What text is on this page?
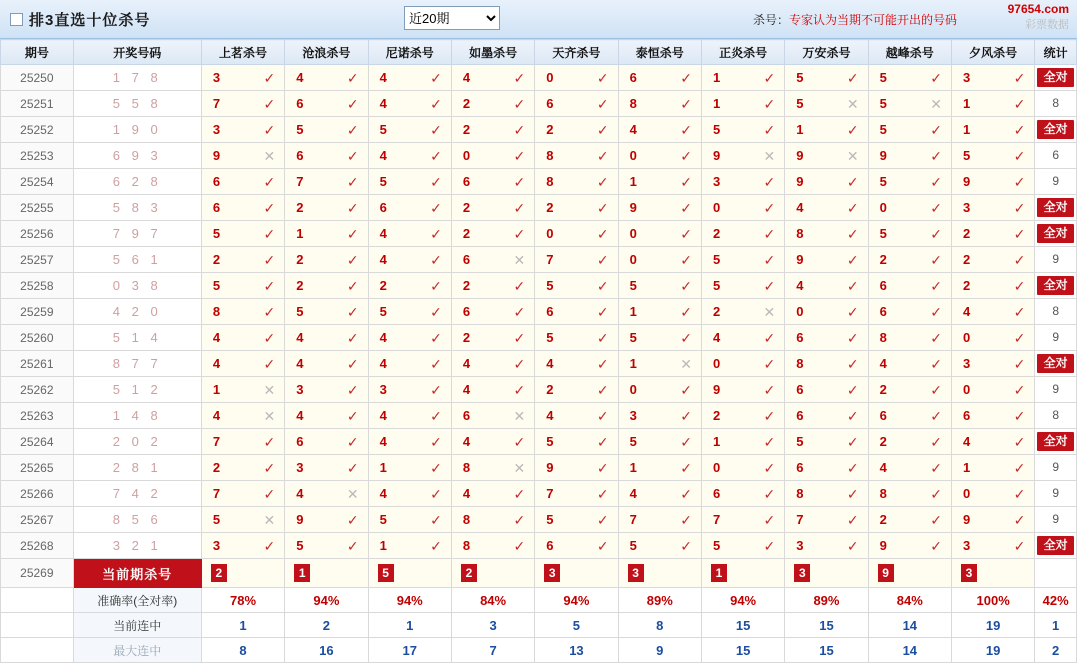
排3直选十位杀号
近20期	杀号：专家认为当期不可能开出的号码
97654.com
彩票数据
期号	开奖号码	上茗杀号	沧浪杀号	尼诺杀号	如墨杀号	天齐杀号	泰恒杀号	正炎杀号	万安杀号	越峰杀号	夕风杀号	统计
25250	1 7 8	3 ✓	4 ✓	4 ✓	4 ✓	0 ✓	6 ✓	1 ✓	5 ✓	5 ✓	3 ✓	全对

25251	5 5 8	7 ✓	6 ✓	4 ✓	2 ✓	6 ✓	8 ✓	1 ✓	5 ✕	5 ✕	1 ✓	8
25252	1 9 0	3 ✓	5 ✓	5 ✓	2 ✓	2 ✓	4 ✓	5 ✓	1 ✓	5 ✓	1 ✓	全对

25253	6 9 3	9 ✕	6 ✓	4 ✓	0 ✓	8 ✓	0 ✓	9 ✕	9 ✕	9 ✓	5 ✓	6
25254	6 2 8	6 ✓	7 ✓	5 ✓	6 ✓	8 ✓	1 ✓	3 ✓	9 ✓	5 ✓	9 ✓	9
25255	5 8 3	6 ✓	2 ✓	6 ✓	2 ✓	2 ✓	9 ✓	0 ✓	4 ✓	0 ✓	3 ✓	全对

25256	7 9 7	5 ✓	1 ✓	4 ✓	2 ✓	0 ✓	0 ✓	2 ✓	8 ✓	5 ✓	2 ✓	全对

25257	5 6 1	2 ✓	2 ✓	4 ✓	6 ✕	7 ✓	0 ✓	5 ✓	9 ✓	2 ✓	2 ✓	9
25258	0 3 8	5 ✓	2 ✓	2 ✓	2 ✓	5 ✓	5 ✓	5 ✓	4 ✓	6 ✓	2 ✓	全对

25259	4 2 0	8 ✓	5 ✓	5 ✓	6 ✓	6 ✓	1 ✓	2 ✕	0 ✓	6 ✓	4 ✓	8
25260	5 1 4	4 ✓	4 ✓	4 ✓	2 ✓	5 ✓	5 ✓	4 ✓	6 ✓	8 ✓	0 ✓	9
25261	8 7 7	4 ✓	4 ✓	4 ✓	4 ✓	4 ✓	1 ✕	0 ✓	8 ✓	4 ✓	3 ✓	全对

25262	5 1 2	1 ✕	3 ✓	3 ✓	4 ✓	2 ✓	0 ✓	9 ✓	6 ✓	2 ✓	0 ✓	9
25263	1 4 8	4 ✕	4 ✓	4 ✓	6 ✕	4 ✓	3 ✓	2 ✓	6 ✓	6 ✓	6 ✓	8
25264	2 0 2	7 ✓	6 ✓	4 ✓	4 ✓	5 ✓	5 ✓	1 ✓	5 ✓	2 ✓	4 ✓	全对

25265	2 8 1	2 ✓	3 ✓	1 ✓	8 ✕	9 ✓	1 ✓	0 ✓	6 ✓	4 ✓	1 ✓	9
25266	7 4 2	7 ✓	4 ✕	4 ✓	4 ✓	7 ✓	4 ✓	6 ✓	8 ✓	8 ✓	0 ✓	9
25267	8 5 6	5 ✕	9 ✓	5 ✓	8 ✓	5 ✓	7 ✓	7 ✓	7 ✓	2 ✓	9 ✓	9
25268	3 2 1	3 ✓	5 ✓	1 ✓	8 ✓	6 ✓	5 ✓	5 ✓	3 ✓	9 ✓	3 ✓	全对

25269	当前期杀号	2	1	5	2	3	3	1	3	9	3	

	准确率(全对率)	78%	94%	94%	84%	94%	89%	94%	89%	84%	100%	42%
	当前连中	1	2	1	3	5	8	15	15	14	19	1
	最大连中	8	16	17	7	13	9	15	15	14	19	2
